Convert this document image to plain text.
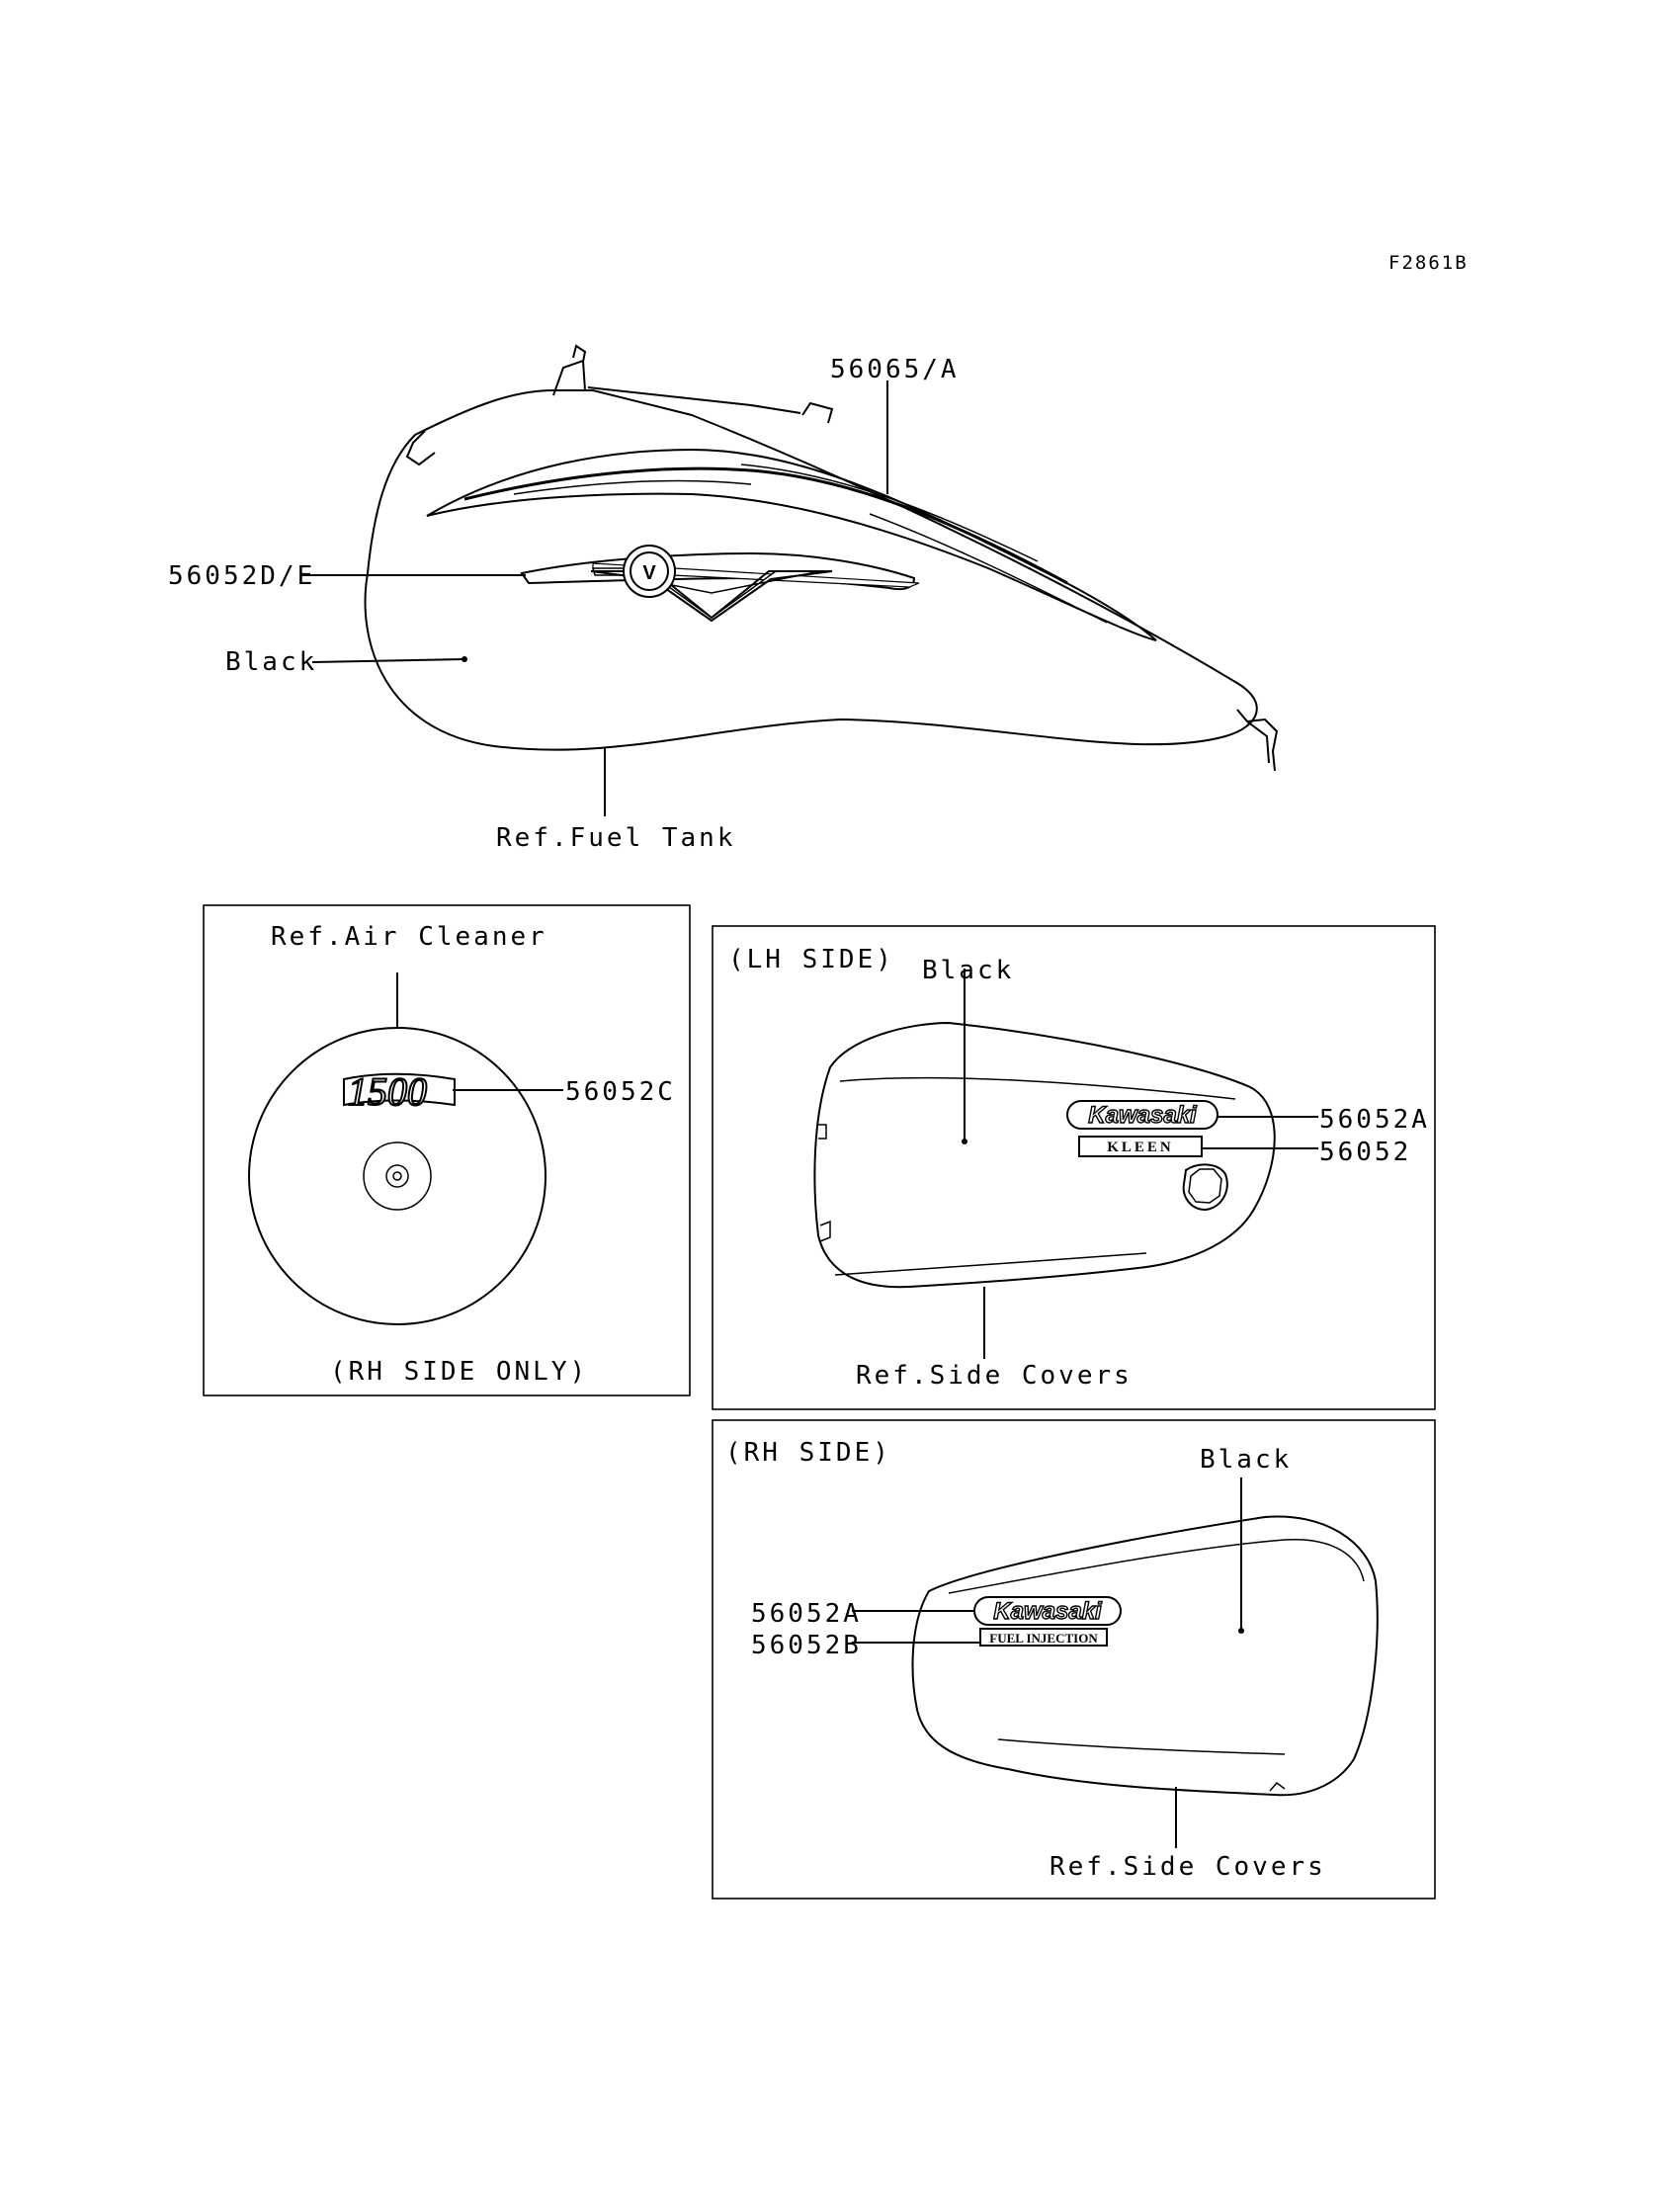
F2861B
V
56065/A
56052D/E
Black
Ref.Fuel Tank
1500
Ref.Air Cleaner
56052C
(RH SIDE ONLY)
Kawasaki
KLEEN
(LH SIDE) Black
56052A
56052
Ref.Side Covers
Kawasaki
FUEL INJECTION
(RH SIDE)	Black
56052A
56052B
Ref.Side Covers
